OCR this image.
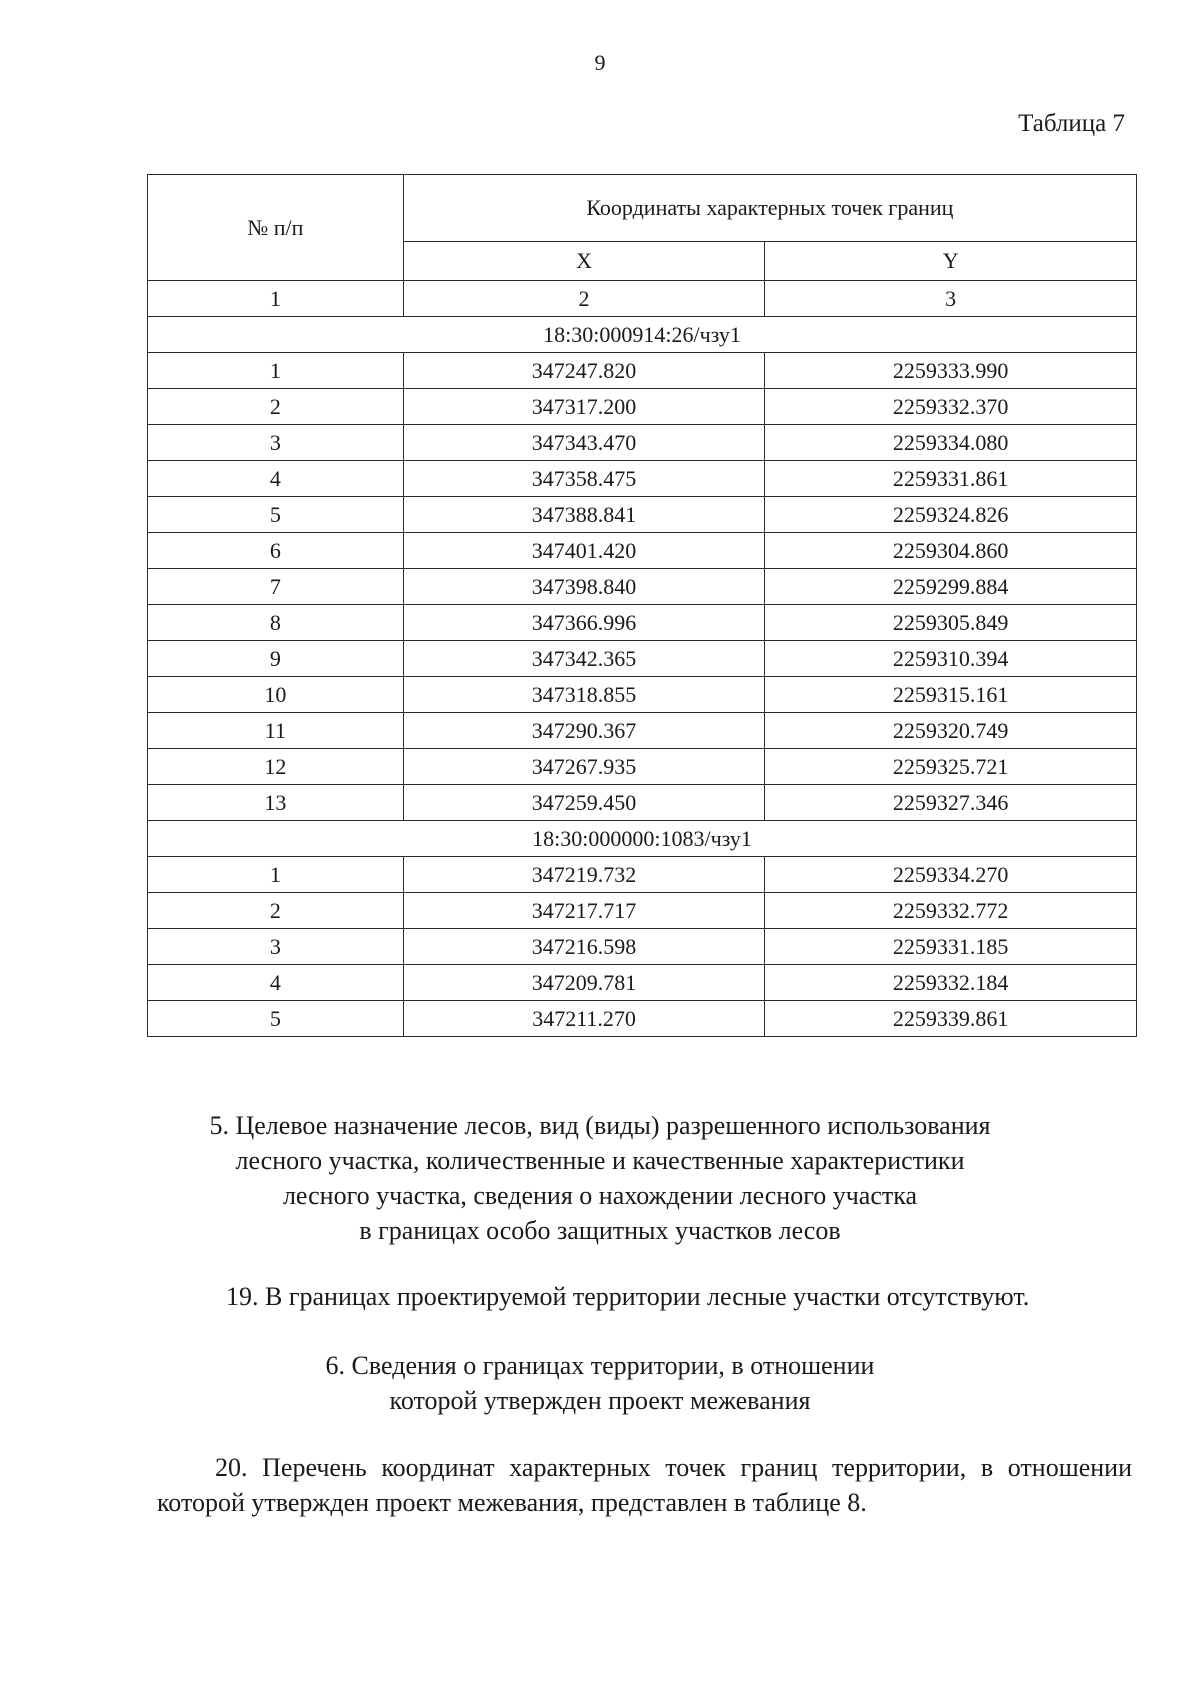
9
Таблица 7
№ п/п	Координаты характерных точек границ	
	X	Y
1	2	3
18:30:000914:26/чзу1		
1	347247.820	2259333.990
2	347317.200	2259332.370
3	347343.470	2259334.080
4	347358.475	2259331.861
5	347388.841	2259324.826
6	347401.420	2259304.860
7	347398.840	2259299.884
8	347366.996	2259305.849
9	347342.365	2259310.394
10	347318.855	2259315.161
11	347290.367	2259320.749
12	347267.935	2259325.721
13	347259.450	2259327.346
18:30:000000:1083/чзу1		
1	347219.732	2259334.270
2	347217.717	2259332.772
3	347216.598	2259331.185
4	347209.781	2259332.184
5	347211.270	2259339.861
5. Целевое назначение лесов, вид (виды) разрешенного использования
лесного участка, количественные и качественные характеристики
лесного участка, сведения о нахождении лесного участка
в границах особо защитных участков лесов
19. В границах проектируемой территории лесные участки отсутствуют.
6. Сведения о границах территории, в отношении
которой утвержден проект межевания
20. Перечень координат характерных точек границ территории, в отношении которой утвержден проект межевания, представлен в таблице 8.
